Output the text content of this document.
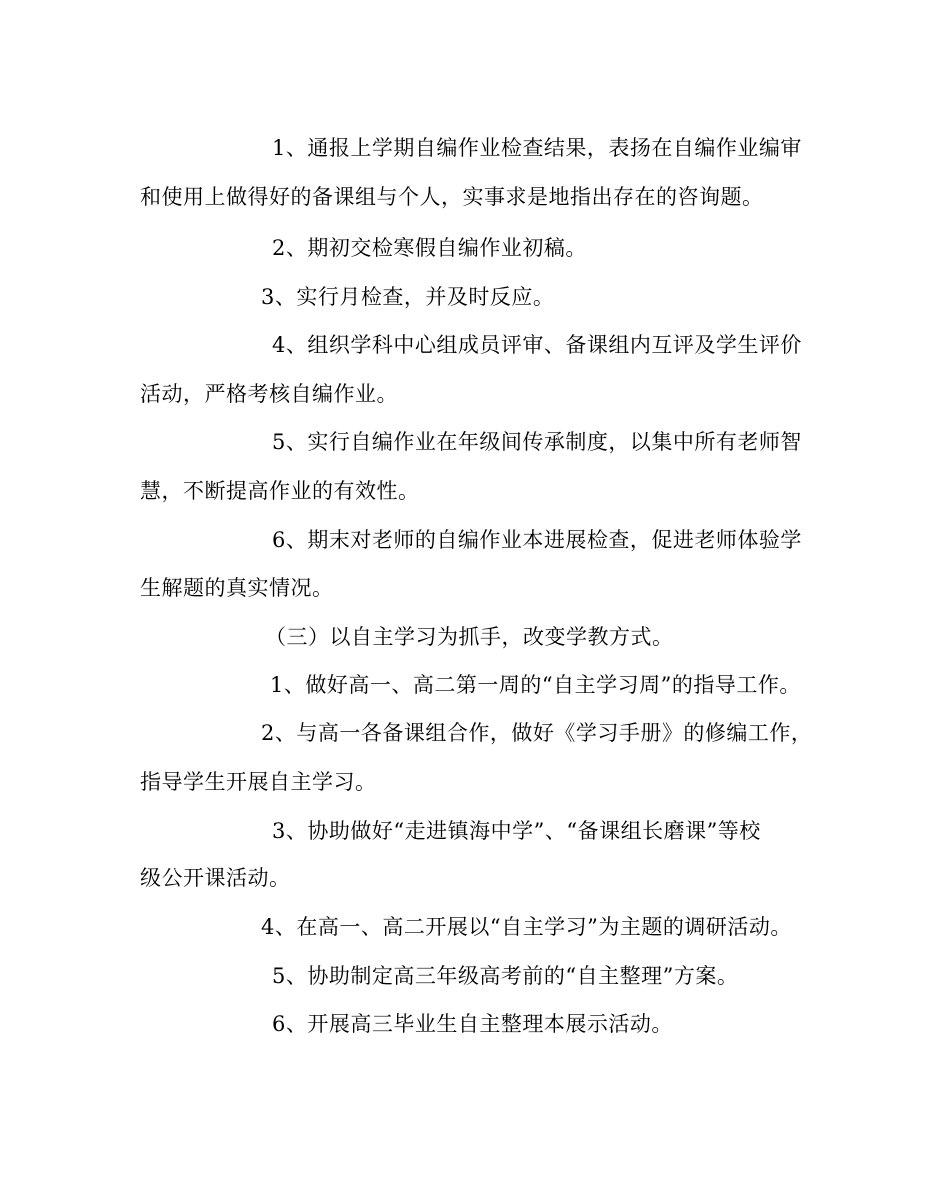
1、通报上学期自编作业检查结果，表扬在自编作业编审
和使用上做得好的备课组与个人，实事求是地指出存在的咨询题。
2、期初交检寒假自编作业初稿。
3、实行月检查，并及时反应。
4、组织学科中心组成员评审、备课组内互评及学生评价
活动，严格考核自编作业。
5、实行自编作业在年级间传承制度，以集中所有老师智
慧，不断提高作业的有效性。
6、期末对老师的自编作业本进展检查，促进老师体验学
生解题的真实情况。
（三）以自主学习为抓手，改变学教方式。
1、做好高一、高二第一周的“自主学习周”的指导工作。
2、与高一各备课组合作，做好《学习手册》的修编工作，
指导学生开展自主学习。
3、协助做好“走进镇海中学”、“备课组长磨课”等校
级公开课活动。
4、在高一、高二开展以“自主学习”为主题的调研活动。
5、协助制定高三年级高考前的“自主整理”方案。
6、开展高三毕业生自主整理本展示活动。
